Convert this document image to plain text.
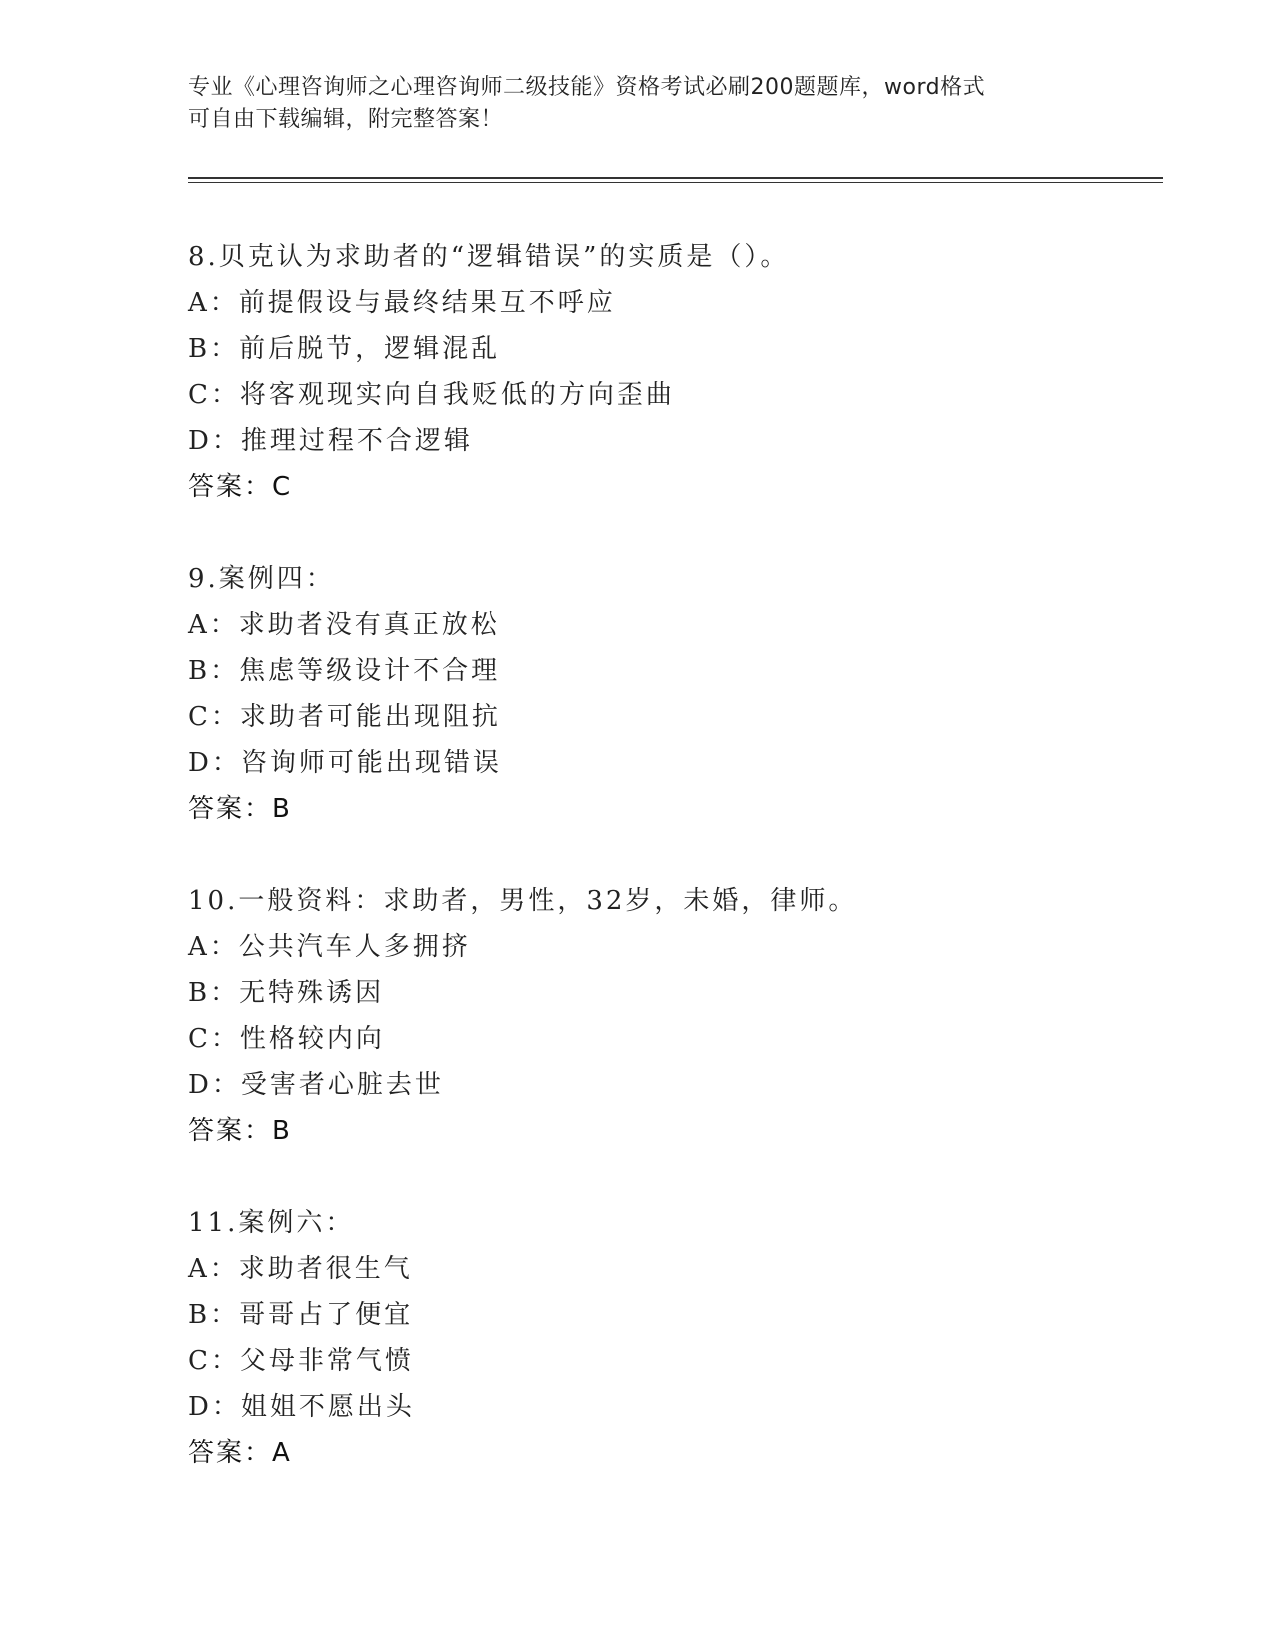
专业《心理咨询师之心理咨询师二级技能》资格考试必刷200题题库，word格式
可自由下载编辑，附完整答案！
8.贝克认为求助者的“逻辑错误”的实质是（）。
A：前提假设与最终结果互不呼应
B：前后脱节，逻辑混乱
C：将客观现实向自我贬低的方向歪曲
D：推理过程不合逻辑
答案：C
9.案例四：
A：求助者没有真正放松
B：焦虑等级设计不合理
C：求助者可能出现阻抗
D：咨询师可能出现错误
答案：B
10.一般资料：求助者，男性，32岁，未婚，律师。
A：公共汽车人多拥挤
B：无特殊诱因
C：性格较内向
D：受害者心脏去世
答案：B
11.案例六：
A：求助者很生气
B：哥哥占了便宜
C：父母非常气愤
D：姐姐不愿出头
答案：A
